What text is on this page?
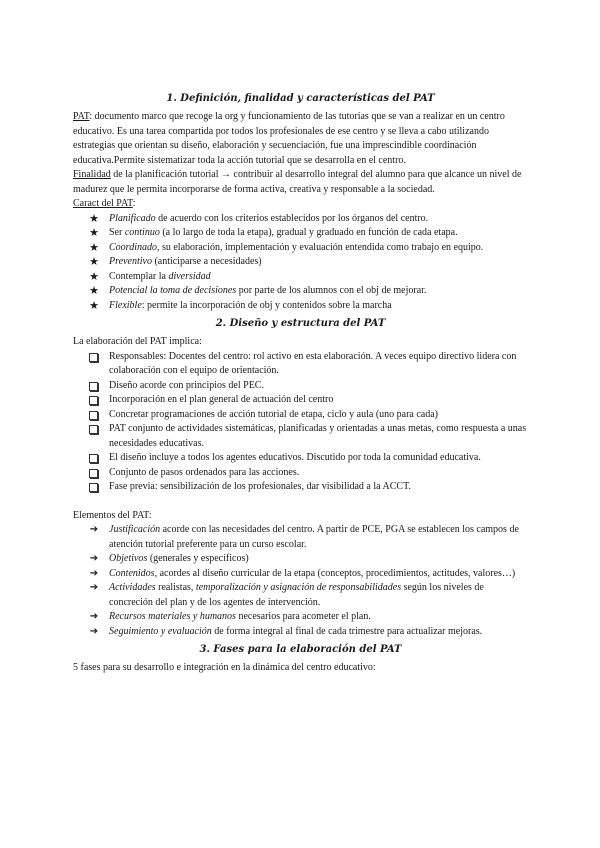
1. Definición, finalidad y características del PAT

PAT: documento marco que recoge la org y funcionamiento de las tutorías que se van a realizar en un centro educativo. Es una tarea compartida por todos los profesionales de ese centro y se lleva a cabo utilizando estrategias que orientan su diseño, elaboración y secuenciación, fue una imprescindible coordinación educativa.Permite sistematizar toda la acción tutorial que se desarrolla en el centro.

Finalidad de la planificación tutorial → contribuir al desarrollo integral del alumno para que alcance un nivel de madurez que le permita incorporarse de forma activa, creativa y responsable a la sociedad.

Caract del PAT:

★ Planificado de acuerdo con los criterios establecidos por los órganos del centro.
★ Ser continuo (a lo largo de toda la etapa), gradual y graduado en función de cada etapa.
★ Coordinado, su elaboración, implementación y evaluación entendida como trabajo en equipo.
★ Preventivo (anticiparse a necesidades)
★ Contemplar la diversidad
★ Potencial la toma de decisiones por parte de los alumnos con el obj de mejorar.
★ Flexible: permite la incorporación de obj y contenidos sobre la marcha
2. Diseño y estructura del PAT

La elaboración del PAT implica:

Responsables: Docentes del centro: rol activo en esta elaboración. A veces equipo directivo lidera con colaboración con el equipo de orientación.
Diseño acorde con principios del PEC.
Incorporación en el plan general de actuación del centro
Concretar programaciones de acción tutorial de etapa, ciclo y aula (uno para cada)
PAT conjunto de actividades sistemáticas, planificadas y orientadas a unas metas, como respuesta a unas necesidades educativas.
El diseño incluye a todos los agentes educativos. Discutido por toda la comunidad educativa.
Conjunto de pasos ordenados para las acciones.
Fase previa: sensibilización de los profesionales, dar visibilidad a la ACCT.

Elementos del PAT:

➔ Justificación acorde con las necesidades del centro. A partir de PCE, PGA se establecen los campos de atención tutorial preferente para un curso escolar.
➔ Objetivos (generales y específicos)
➔ Contenidos, acordes al diseño curricular de la etapa (conceptos, procedimientos, actitudes, valores…)
➔ Actividades realistas, temporalización y asignación de responsabilidades según los niveles de concreción del plan y de los agentes de intervención.
➔ Recursos materiales y humanos necesarios para acometer el plan.
➔ Seguimiento y evaluación de forma integral al final de cada trimestre para actualizar mejoras.
3. Fases para la elaboración del PAT

5 fases para su desarrollo e integración en la dinámica del centro educativo:
